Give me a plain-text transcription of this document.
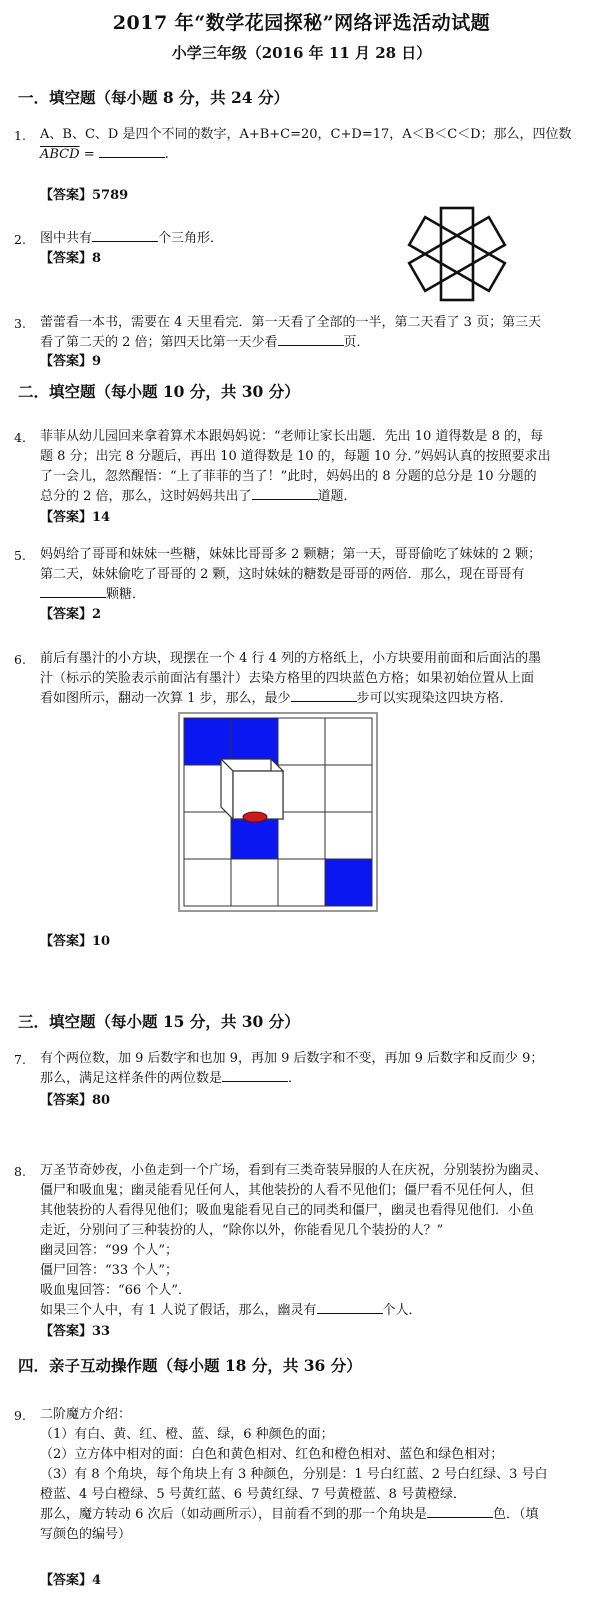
2017 年“数学花园探秘”网络评选活动试题
小学三年级（2016 年 11 月 28 日）
一．填空题（每小题 8 分，共 24 分）
1. A、B、C、D 是四个不同的数字，A+B+C=20，C+D=17，A＜B＜C＜D；那么，四位数
ABCD =	.
【答案】5789
2. 图中共有	个三角形．
【答案】8
3. 蕾蕾看一本书，需要在 4 天里看完．第一天看了全部的一半，第二天看了 3 页；第三天
看了第二天的 2 倍；第四天比第一天少看	页．
【答案】9
二．填空题（每小题 10 分，共 30 分）
4. 菲菲从幼儿园回来拿着算术本跟妈妈说：“老师让家长出题．先出 10 道得数是 8 的，每
题 8 分；出完 8 分题后，再出 10 道得数是 10 的，每题 10 分．”妈妈认真的按照要求出
了一会儿，忽然醒悟：“上了菲菲的当了！”此时，妈妈出的 8 分题的总分是 10 分题的
总分的 2 倍，那么，这时妈妈共出了	道题．
【答案】14
5. 妈妈给了哥哥和妹妹一些糖，妹妹比哥哥多 2 颗糖；第一天，哥哥偷吃了妹妹的 2 颗；
第二天，妹妹偷吃了哥哥的 2 颗，这时妹妹的糖数是哥哥的两倍．那么，现在哥哥有
颗糖．
【答案】2
6. 前后有墨汁的小方块，现摆在一个 4 行 4 列的方格纸上，小方块要用前面和后面沾的墨
汁（标示的笑脸表示前面沾有墨汁）去染方格里的四块蓝色方格；如果初始位置从上面
看如图所示，翻动一次算 1 步，那么，最少	步可以实现染这四块方格．
【答案】10
三．填空题（每小题 15 分，共 30 分）
7. 有个两位数，加 9 后数字和也加 9，再加 9 后数字和不变，再加 9 后数字和反而少 9；
那么，满足这样条件的两位数是	．
【答案】80
8. 万圣节奇妙夜，小鱼走到一个广场，看到有三类奇装异服的人在庆祝，分别装扮为幽灵、
僵尸和吸血鬼；幽灵能看见任何人，其他装扮的人看不见他们；僵尸看不见任何人，但
其他装扮的人看得见他们；吸血鬼能看见自己的同类和僵尸，幽灵也看得见他们．小鱼
走近，分别问了三种装扮的人，“除你以外，你能看见几个装扮的人？”
幽灵回答：“99 个人”；
僵尸回答：“33 个人”；
吸血鬼回答：“66 个人”．
如果三个人中，有 1 人说了假话，那么，幽灵有	个人．
【答案】33
四．亲子互动操作题（每小题 18 分，共 36 分）
9. 二阶魔方介绍：
（1）有白、黄、红、橙、蓝、绿，6 种颜色的面；
（2）立方体中相对的面：白色和黄色相对、红色和橙色相对、蓝色和绿色相对；
（3）有 8 个角块，每个角块上有 3 种颜色，分别是：1 号白红蓝、2 号白红绿、3 号白
橙蓝、4 号白橙绿、5 号黄红蓝、6 号黄红绿、7 号黄橙蓝、8 号黄橙绿．
那么，魔方转动 6 次后（如动画所示），目前看不到的那一个角块是	色．（填
写颜色的编号）
【答案】4
